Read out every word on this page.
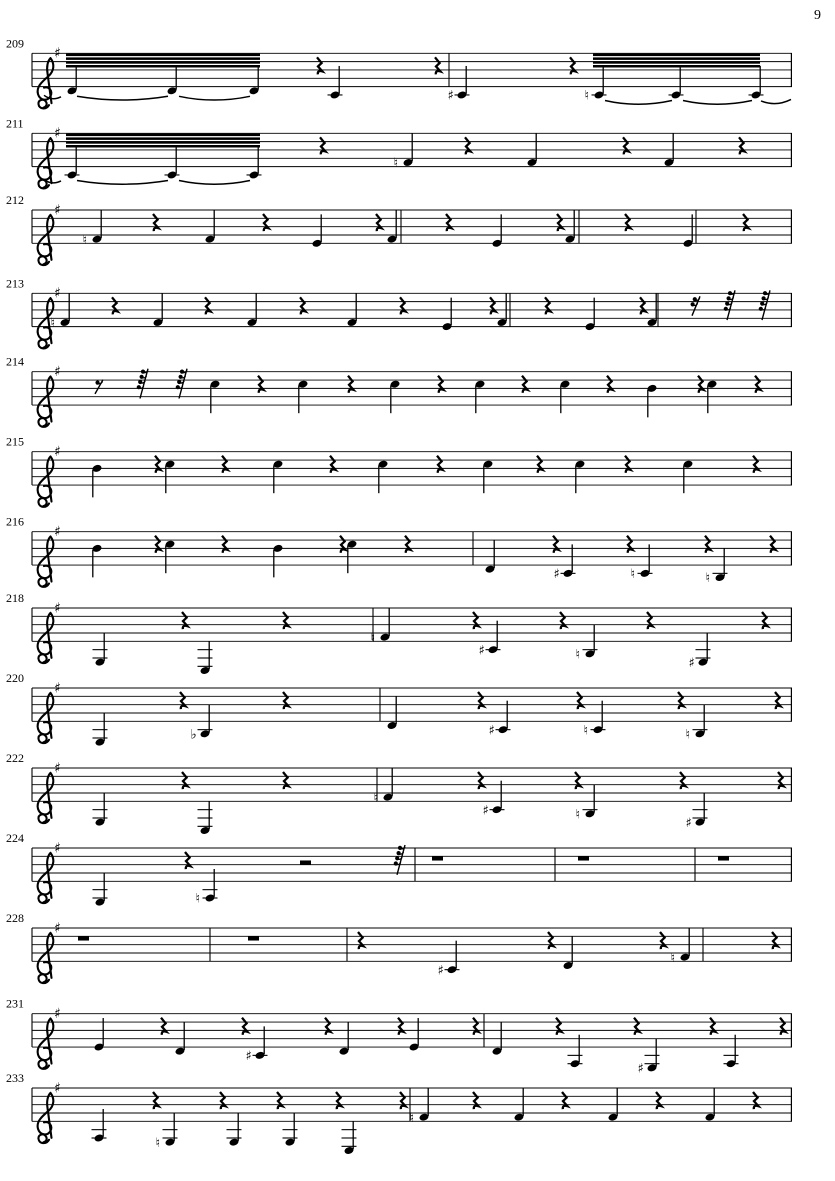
9
209
♯
♯	♮
211
♯
♮
212
♯
♮
213
♯
♮
214
♯
215
♯
216
♯
♯	♮	♮
218
♯
♮
♯	♮
♯
220
♯
♭	♯	♮	♮
222
♯
♮
♯	♮
♯
224
♯
♮
228
♯
♯
♮
231
♯
♯
♯
233
♯
♮
♮
